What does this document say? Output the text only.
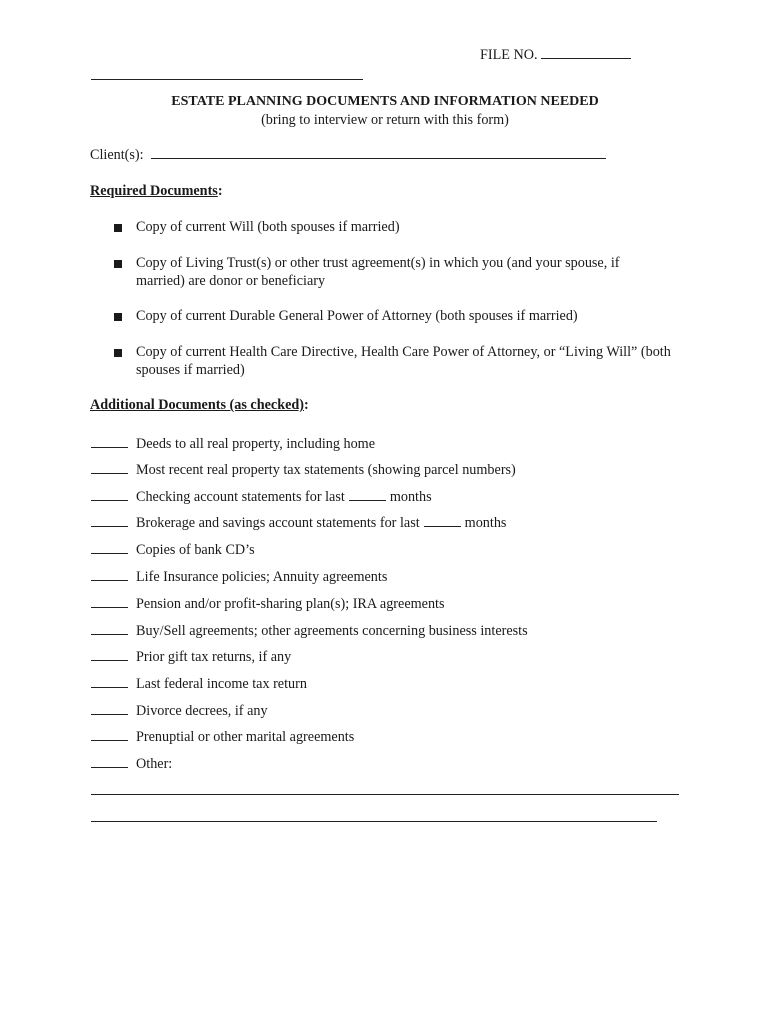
FILE NO.
ESTATE PLANNING DOCUMENTS AND INFORMATION NEEDED
(bring to interview or return with this form)
Client(s):
Required Documents:
Copy of current Will (both spouses if married)
Copy of Living Trust(s) or other trust agreement(s) in which you (and your spouse, if married) are donor or beneficiary
Copy of current Durable General Power of Attorney (both spouses if married)
Copy of current Health Care Directive, Health Care Power of Attorney, or “Living Will” (both spouses if married)
Additional Documents (as checked):
Deeds to all real property, including home
Most recent real property tax statements (showing parcel numbers)
Checking account statements for last	months
Brokerage and savings account statements for last	months
Copies of bank CD’s
Life Insurance policies; Annuity agreements
Pension and/or profit-sharing plan(s); IRA agreements
Buy/Sell agreements; other agreements concerning business interests
Prior gift tax returns, if any
Last federal income tax return
Divorce decrees, if any
Prenuptial or other marital agreements
Other:
